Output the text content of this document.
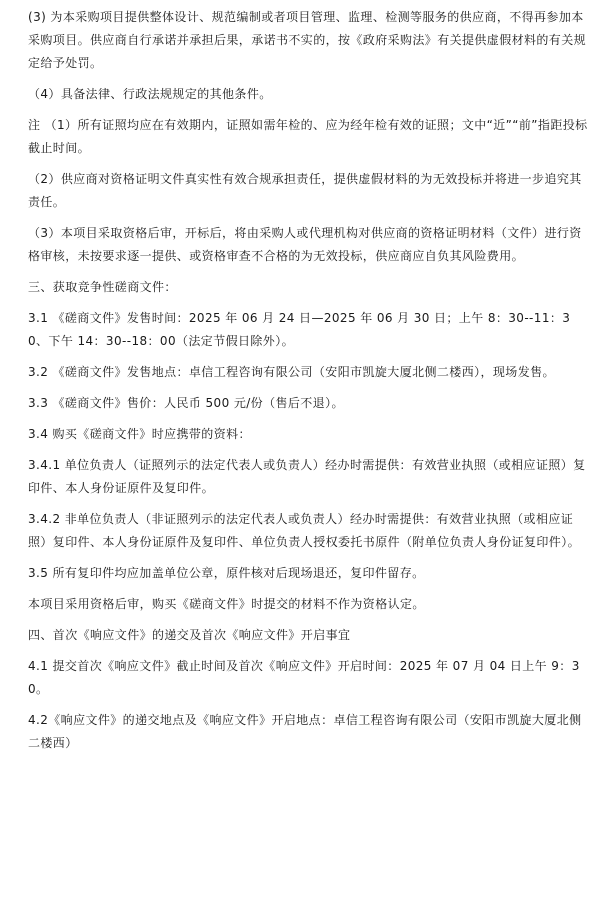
(3) 为本采购项目提供整体设计、规范编制或者项目管理、监理、检测等服务的供应商，不得再参加本采购项目。供应商自行承诺并承担后果，承诺书不实的，按《政府采购法》有关提供虚假材料的有关规定给予处罚。

（4）具备法律、行政法规规定的其他条件。

注 （1）所有证照均应在有效期内，证照如需年检的、应为经年检有效的证照；文中“近”“前”指距投标截止时间。

（2）供应商对资格证明文件真实性有效合规承担责任，提供虚假材料的为无效投标并将进一步追究其责任。

（3）本项目采取资格后审，开标后，将由采购人或代理机构对供应商的资格证明材料（文件）进行资格审核，未按要求逐一提供、或资格审查不合格的为无效投标，供应商应自负其风险费用。

三、获取竞争性磋商文件：

3.1 《磋商文件》发售时间：2025 年 06 月 24 日—2025 年 06 月 30 日；上午 8：30--11：30、下午 14：30--18：00（法定节假日除外）。

3.2 《磋商文件》发售地点：卓信工程咨询有限公司（安阳市凯旋大厦北侧二楼西），现场发售。

3.3 《磋商文件》售价：人民币 500 元/份（售后不退）。

3.4 购买《磋商文件》时应携带的资料：

3.4.1 单位负责人（证照列示的法定代表人或负责人）经办时需提供：有效营业执照（或相应证照）复印件、本人身份证原件及复印件。

3.4.2 非单位负责人（非证照列示的法定代表人或负责人）经办时需提供：有效营业执照（或相应证照）复印件、本人身份证原件及复印件、单位负责人授权委托书原件（附单位负责人身份证复印件）。

3.5 所有复印件均应加盖单位公章，原件核对后现场退还，复印件留存。

本项目采用资格后审，购买《磋商文件》时提交的材料不作为资格认定。

四、首次《响应文件》的递交及首次《响应文件》开启事宜

4.1 提交首次《响应文件》截止时间及首次《响应文件》开启时间：2025 年 07 月 04 日上午 9：30。

4.2《响应文件》的递交地点及《响应文件》开启地点：卓信工程咨询有限公司（安阳市凯旋大厦北侧二楼西）
